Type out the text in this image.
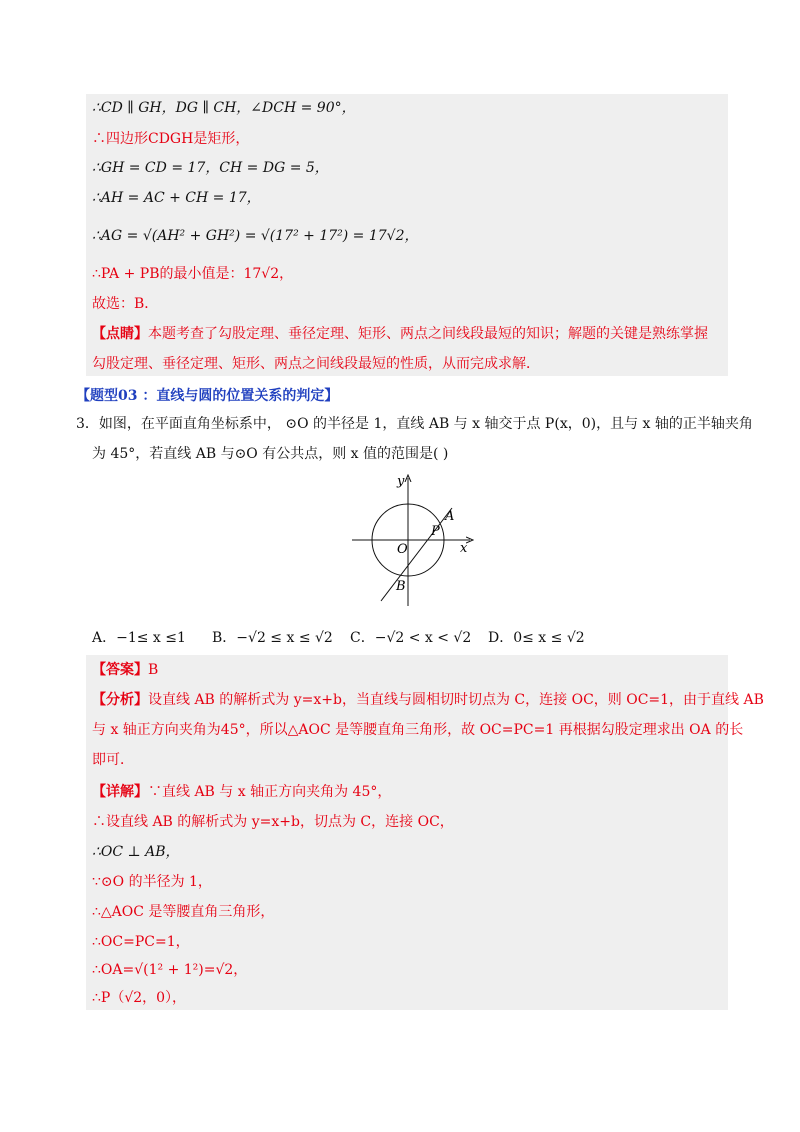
∴CD ∥ GH，DG ∥ CH，∠DCH = 90°，
∴四边形CDGH是矩形，
∴GH = CD = 17，CH = DG = 5，
∴AH = AC + CH = 17，
∴AG = √(AH² + GH²) = √(17² + 17²) = 17√2，
∴PA + PB的最小值是：17√2，
故选：B．
【点睛】本题考查了勾股定理、垂径定理、矩形、两点之间线段最短的知识；解题的关键是熟练掌握
勾股定理、垂径定理、矩形、两点之间线段最短的性质，从而完成求解．
【题型03 ：直线与圆的位置关系的判定】
3．如图，在平面直角坐标系中， ⊙O 的半径是 1，直线 AB 与 x 轴交于点 P(x，0)，且与 x 轴的正半轴夹角
为 45°，若直线 AB 与⊙O 有公共点，则 x 值的范围是( )
y
x
O
A
P
B
A．−1≤ x ≤1 B．−√2 ≤ x ≤ √2 C．−√2 < x < √2 D．0≤ x ≤ √2
【答案】B
【分析】设直线 AB 的解析式为 y=x+b，当直线与圆相切时切点为 C，连接 OC，则 OC=1，由于直线 AB
与 x 轴正方向夹角为45°，所以△AOC 是等腰直角三角形，故 OC=PC=1 再根据勾股定理求出 OA 的长
即可．
【详解】∵直线 AB 与 x 轴正方向夹角为 45°，
∴设直线 AB 的解析式为 y=x+b，切点为 C，连接 OC，
∴OC ⊥ AB，
∵⊙O 的半径为 1，
∴△AOC 是等腰直角三角形，
∴OC=PC=1，
∴OA=√(1² + 1²)=√2，
∴P（√2，0），
